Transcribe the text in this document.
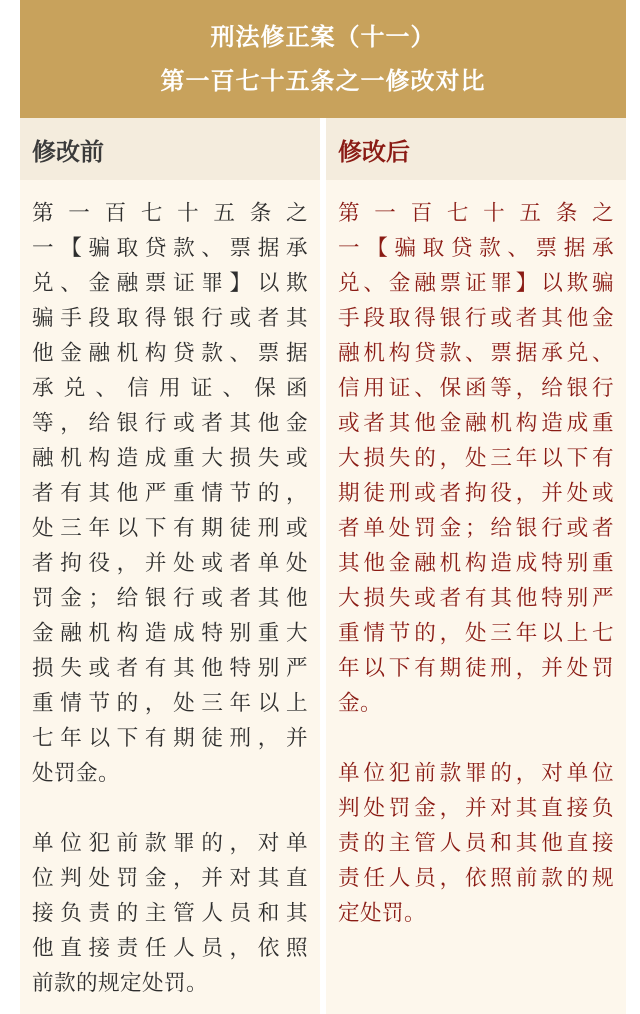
刑法修正案（十一）
第一百七十五条之一修改对比
修改前

第一百七十五条之
一【骗取贷款、票据承
兑、金融票证罪】以欺
骗手段取得银行或者其
他金融机构贷款、票据
承兑、信用证、保函
等，给银行或者其他金
融机构造成重大损失或
者有其他严重情节的，
处三年以下有期徒刑或
者拘役，并处或者单处
罚金；给银行或者其他
金融机构造成特别重大
损失或者有其他特别严
重情节的，处三年以上
七年以下有期徒刑，并
处罚金。

单位犯前款罪的，对单
位判处罚金，并对其直
接负责的主管人员和其
他直接责任人员，依照
前款的规定处罚。

修改后

第一百七十五条之
一【骗取贷款、票据承
兑、金融票证罪】以欺骗
手段取得银行或者其他金
融机构贷款、票据承兑、
信用证、保函等，给银行
或者其他金融机构造成重
大损失的，处三年以下有
期徒刑或者拘役，并处或
者单处罚金；给银行或者
其他金融机构造成特别重
大损失或者有其他特别严
重情节的，处三年以上七
年以下有期徒刑，并处罚
金。

单位犯前款罪的，对单位
判处罚金，并对其直接负
责的主管人员和其他直接
责任人员，依照前款的规
定处罚。
